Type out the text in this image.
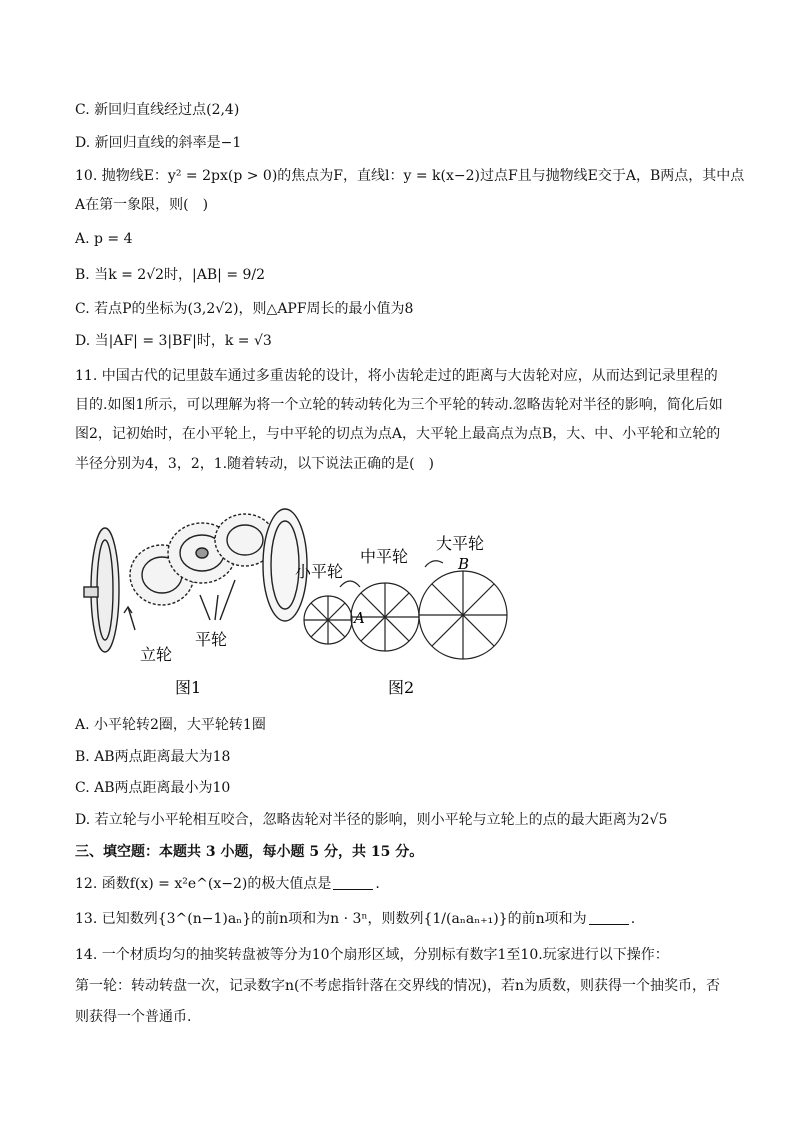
C. 新回归直线经过点(2,4)
D. 新回归直线的斜率是−1
10. 抛物线E：y² = 2px(p > 0)的焦点为F，直线l：y = k(x−2)过点F且与抛物线E交于A，B两点，其中点
A在第一象限，则(　)
A. p = 4
B. 当k = 2√2时，|AB| = 9/2
C. 若点P的坐标为(3,2√2)，则△APF周长的最小值为8
D. 当|AF| = 3|BF|时，k = √3
11. 中国古代的记里鼓车通过多重齿轮的设计，将小齿轮走过的距离与大齿轮对应，从而达到记录里程的
目的.如图1所示，可以理解为将一个立轮的转动转化为三个平轮的转动.忽略齿轮对半径的影响，简化后如
图2，记初始时，在小平轮上，与中平轮的切点为点A，大平轮上最高点为点B，大、中、小平轮和立轮的
半径分别为4，3，2，1.随着转动，以下说法正确的是(　)
立轮
平轮
图1
小平轮
中平轮
大平轮
A
B
图2
A. 小平轮转2圈，大平轮转1圈
B. AB两点距离最大为18
C. AB两点距离最小为10
D. 若立轮与小平轮相互咬合，忽略齿轮对半径的影响，则小平轮与立轮上的点的最大距离为2√5
三、填空题：本题共 3 小题，每小题 5 分，共 15 分。
12. 函数f(x) = x²e^(x−2)的极大值点是	.
13. 已知数列{3^(n−1)aₙ}的前n项和为n · 3ⁿ，则数列{1/(aₙaₙ₊₁)}的前n项和为	.
14. 一个材质均匀的抽奖转盘被等分为10个扇形区域，分别标有数字1至10.玩家进行以下操作：
第一轮：转动转盘一次，记录数字n(不考虑指针落在交界线的情况)，若n为质数，则获得一个抽奖币，否
则获得一个普通币.
